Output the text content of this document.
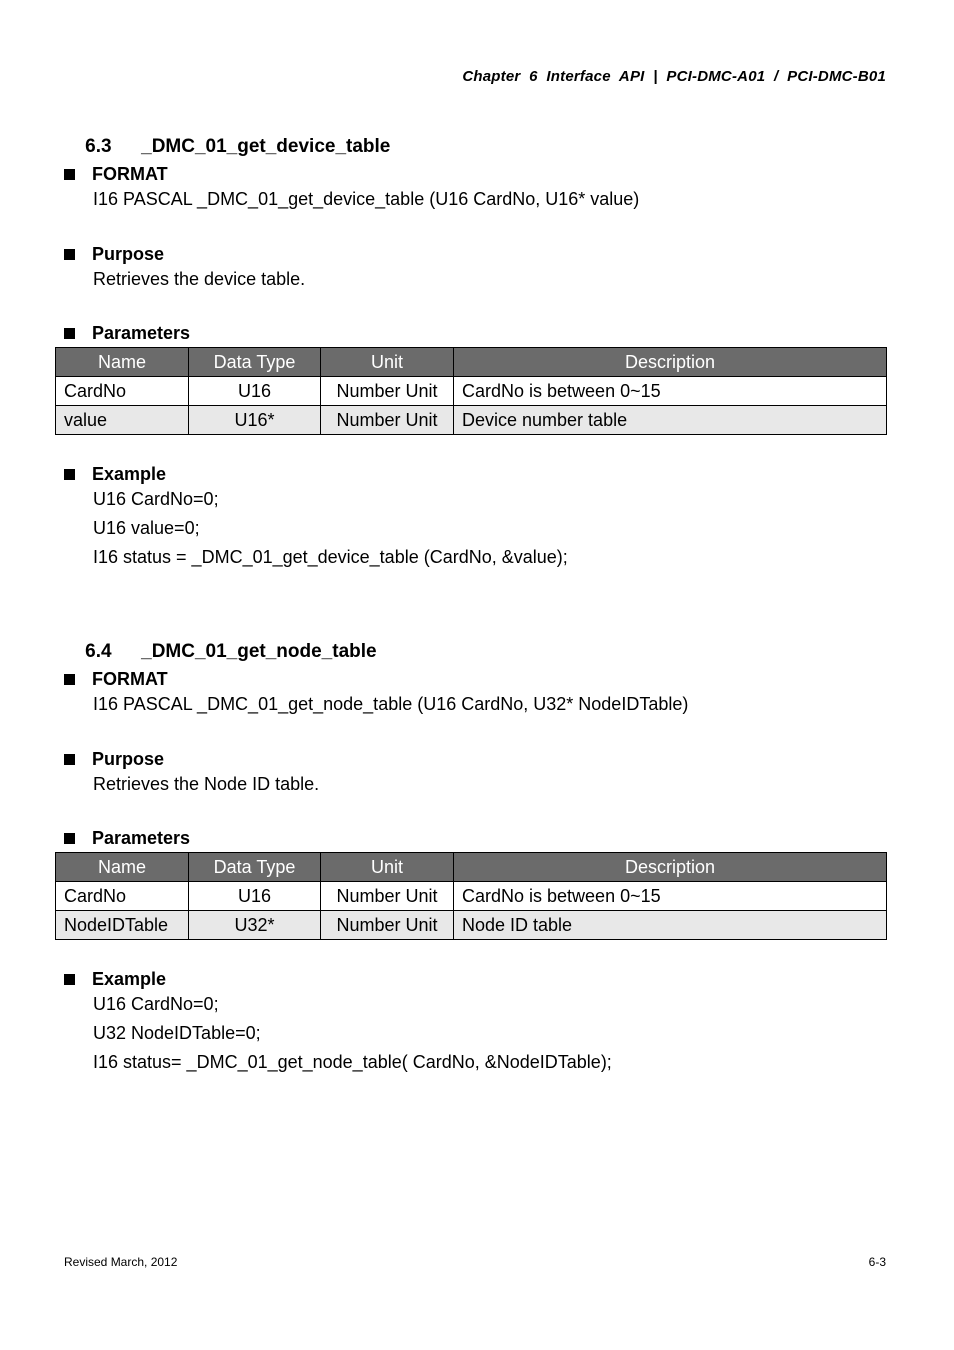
Chapter  6  Interface  API  |  PCI-DMC-A01  /  PCI-DMC-B01

6.3 _DMC_01_get_device_table

FORMAT
I16 PASCAL _DMC_01_get_device_table (U16 CardNo, U16* value)
Purpose
Retrieves the device table.
Parameters
Name	Data Type	Unit	Description
CardNo	U16	Number Unit	CardNo is between 0~15
value	U16*	Number Unit	Device number table
Example
U16 CardNo=0;
U16 value=0;
I16 status = _DMC_01_get_device_table (CardNo, &value);

6.4 _DMC_01_get_node_table

FORMAT
I16 PASCAL _DMC_01_get_node_table (U16 CardNo, U32* NodeIDTable)
Purpose
Retrieves the Node ID table.
Parameters
Name	Data Type	Unit	Description
CardNo	U16	Number Unit	CardNo is between 0~15
NodeIDTable	U32*	Number Unit	Node ID table
Example
U16 CardNo=0;
U32 NodeIDTable=0;
I16 status= _DMC_01_get_node_table( CardNo, &NodeIDTable);
Revised March, 2012	6-3
